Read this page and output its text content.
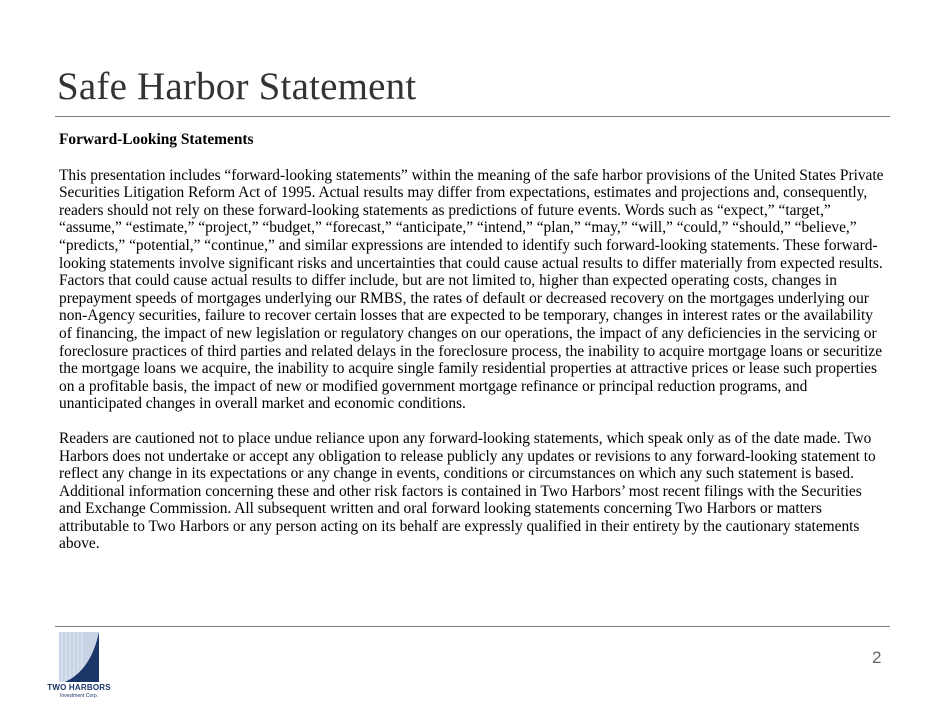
Safe Harbor Statement

Forward-Looking Statements

This presentation includes “forward-looking statements” within the meaning of the safe harbor provisions of the United States Private Securities Litigation Reform Act of 1995. Actual results may differ from expectations, estimates and projections and, consequently, readers should not rely on these forward-looking statements as predictions of future events. Words such as “expect,” “target,” “assume,” “estimate,” “project,” “budget,” “forecast,” “anticipate,” “intend,” “plan,” “may,” “will,” “could,” “should,” “believe,” “predicts,” “potential,” “continue,” and similar expressions are intended to identify such forward-looking statements. These forward-looking statements involve significant risks and uncertainties that could cause actual results to differ materially from expected results. Factors that could cause actual results to differ include, but are not limited to, higher than expected operating costs, changes in prepayment speeds of mortgages underlying our RMBS, the rates of default or decreased recovery on the mortgages underlying our non-Agency securities, failure to recover certain losses that are expected to be temporary, changes in interest rates or the availability of financing, the impact of new legislation or regulatory changes on our operations, the impact of any deficiencies in the servicing or foreclosure practices of third parties and related delays in the foreclosure process, the inability to acquire mortgage loans or securitize the mortgage loans we acquire, the inability to acquire single family residential properties at attractive prices or lease such properties on a profitable basis, the impact of new or modified government mortgage refinance or principal reduction programs, and unanticipated changes in overall market and economic conditions.

Readers are cautioned not to place undue reliance upon any forward-looking statements, which speak only as of the date made. Two Harbors does not undertake or accept any obligation to release publicly any updates or revisions to any forward-looking statement to reflect any change in its expectations or any change in events, conditions or circumstances on which any such statement is based. Additional information concerning these and other risk factors is contained in Two Harbors’ most recent filings with the Securities and Exchange Commission. All subsequent written and oral forward looking statements concerning Two Harbors or matters attributable to Two Harbors or any person acting on its behalf are expressly qualified in their entirety by the cautionary statements above.

TWO HARBORS
Investment Corp.
2
